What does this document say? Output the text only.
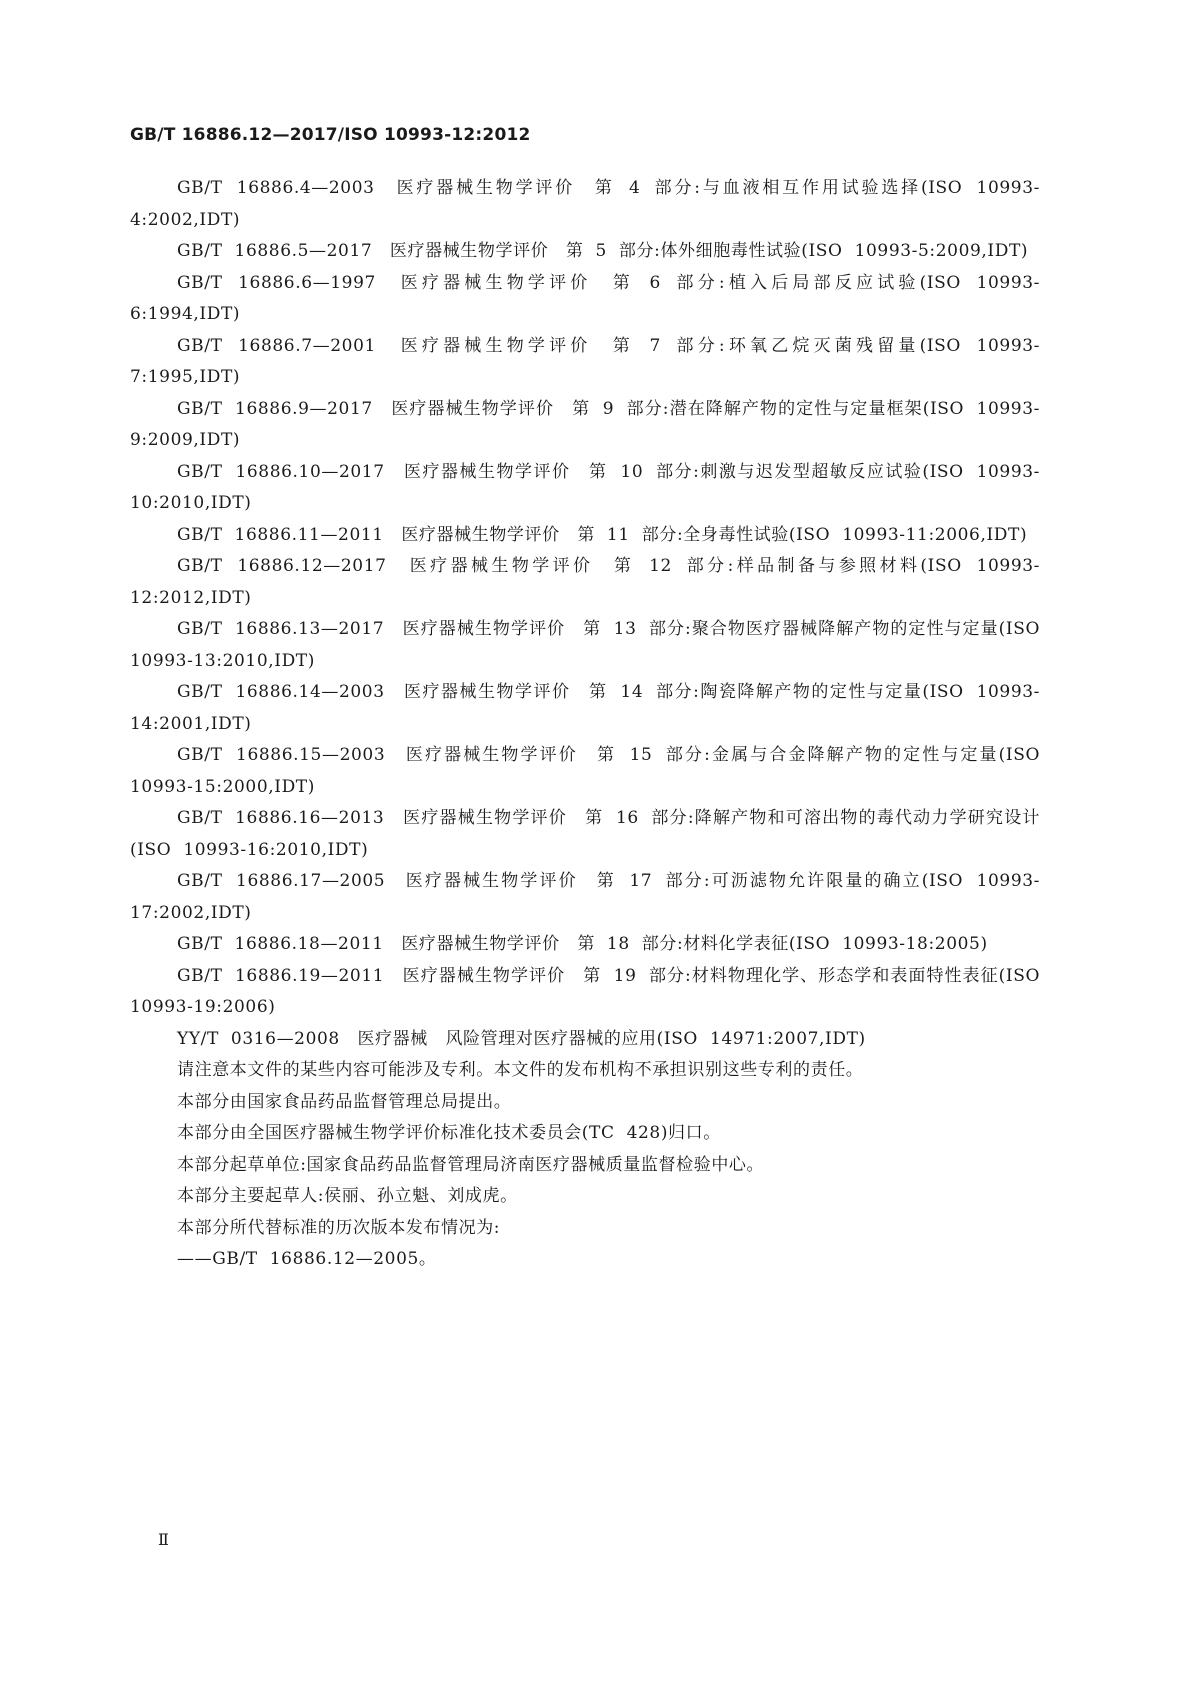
GB/T 16886.12—2017/ISO 10993-12:2012

GB/T 16886.4—2003　医疗器械生物学评价　第 4 部分:与血液相互作用试验选择(ISO 10993-4:2002,IDT)

GB/T 16886.5—2017　医疗器械生物学评价　第 5 部分:体外细胞毒性试验(ISO 10993-5:2009,IDT)

GB/T 16886.6—1997　医疗器械生物学评价　第 6 部分:植入后局部反应试验(ISO 10993-6:1994,IDT)

GB/T 16886.7—2001　医疗器械生物学评价　第 7 部分:环氧乙烷灭菌残留量(ISO 10993-7:1995,IDT)

GB/T 16886.9—2017　医疗器械生物学评价　第 9 部分:潜在降解产物的定性与定量框架(ISO 10993-9:2009,IDT)

GB/T 16886.10—2017　医疗器械生物学评价　第 10 部分:刺激与迟发型超敏反应试验(ISO 10993-10:2010,IDT)

GB/T 16886.11—2011　医疗器械生物学评价　第 11 部分:全身毒性试验(ISO 10993-11:2006,IDT)

GB/T 16886.12—2017　医疗器械生物学评价　第 12 部分:样品制备与参照材料(ISO 10993-12:2012,IDT)

GB/T 16886.13—2017　医疗器械生物学评价　第 13 部分:聚合物医疗器械降解产物的定性与定量(ISO 10993-13:2010,IDT)

GB/T 16886.14—2003　医疗器械生物学评价　第 14 部分:陶瓷降解产物的定性与定量(ISO 10993-14:2001,IDT)

GB/T 16886.15—2003　医疗器械生物学评价　第 15 部分:金属与合金降解产物的定性与定量(ISO 10993-15:2000,IDT)

GB/T 16886.16—2013　医疗器械生物学评价　第 16 部分:降解产物和可溶出物的毒代动力学研究设计(ISO 10993-16:2010,IDT)

GB/T 16886.17—2005　医疗器械生物学评价　第 17 部分:可沥滤物允许限量的确立(ISO 10993-17:2002,IDT)

GB/T 16886.18—2011　医疗器械生物学评价　第 18 部分:材料化学表征(ISO 10993-18:2005)

GB/T 16886.19—2011　医疗器械生物学评价　第 19 部分:材料物理化学、形态学和表面特性表征(ISO 10993-19:2006)

YY/T 0316—2008　医疗器械　风险管理对医疗器械的应用(ISO 14971:2007,IDT)

请注意本文件的某些内容可能涉及专利。本文件的发布机构不承担识别这些专利的责任。

本部分由国家食品药品监督管理总局提出。

本部分由全国医疗器械生物学评价标准化技术委员会(TC 428)归口。

本部分起草单位:国家食品药品监督管理局济南医疗器械质量监督检验中心。

本部分主要起草人:侯丽、孙立魁、刘成虎。

本部分所代替标准的历次版本发布情况为:

——GB/T 16886.12—2005。

Ⅱ
